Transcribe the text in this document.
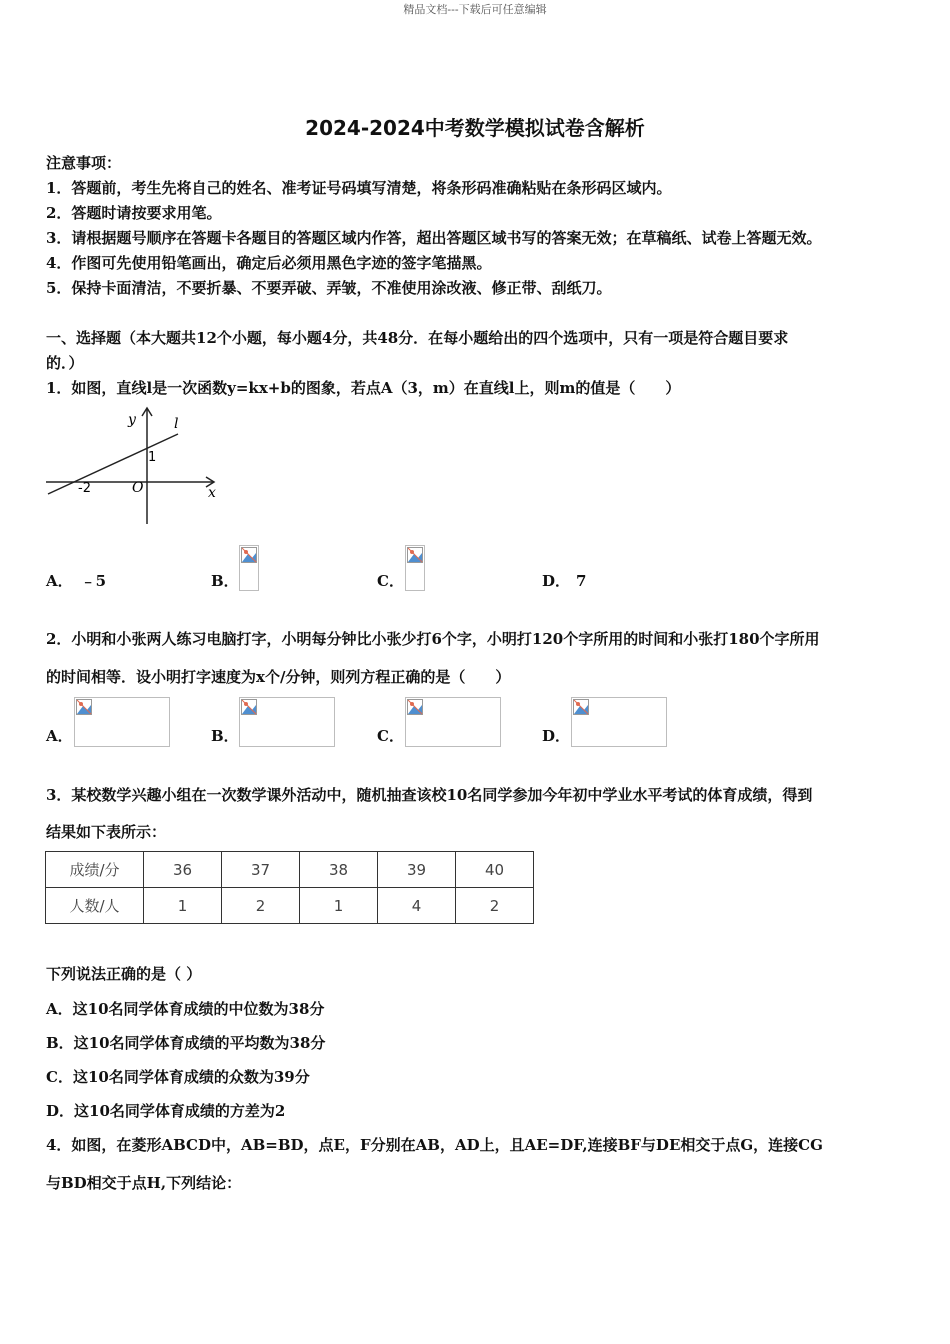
精品文档---下载后可任意编辑
2024-2024中考数学模拟试卷含解析
注意事项：
1．答题前，考生先将自己的姓名、准考证号码填写清楚，将条形码准确粘贴在条形码区域内。
2．答题时请按要求用笔。
3．请根据题号顺序在答题卡各题目的答题区域内作答，超出答题区域书写的答案无效；在草稿纸、试卷上答题无效。
4．作图可先使用铅笔画出，确定后必须用黑色字迹的签字笔描黑。
5．保持卡面清洁，不要折暴、不要弄破、弄皱，不准使用涂改液、修正带、刮纸刀。
一、选择题（本大题共12个小题，每小题4分，共48分．在每小题给出的四个选项中，只有一项是符合题目要求
的．）
1．如图，直线l是一次函数y=kx+b的图象，若点A（3，m）在直线l上，则m的值是（　　）
y
x
l
O
-2
1
A． ﹣5	B．	C．	D． 7
2．小明和小张两人练习电脑打字，小明每分钟比小张少打6个字，小明打120个字所用的时间和小张打180个字所用
的时间相等．设小明打字速度为x个/分钟，则列方程正确的是（　　）
A．	B．	C．	D．
3．某校数学兴趣小组在一次数学课外活动中，随机抽查该校10名同学参加今年初中学业水平考试的体育成绩，得到
结果如下表所示：
成绩/分	36	37	38	39	40
人数/人	1	2	1	4	2
下列说法正确的是（ ）
A．这10名同学体育成绩的中位数为38分
B．这10名同学体育成绩的平均数为38分
C．这10名同学体育成绩的众数为39分
D．这10名同学体育成绩的方差为2
4．如图，在菱形ABCD中，AB=BD，点E，F分别在AB，AD上，且AE=DF,连接BF与DE相交于点G，连接CG
与BD相交于点H,下列结论：
